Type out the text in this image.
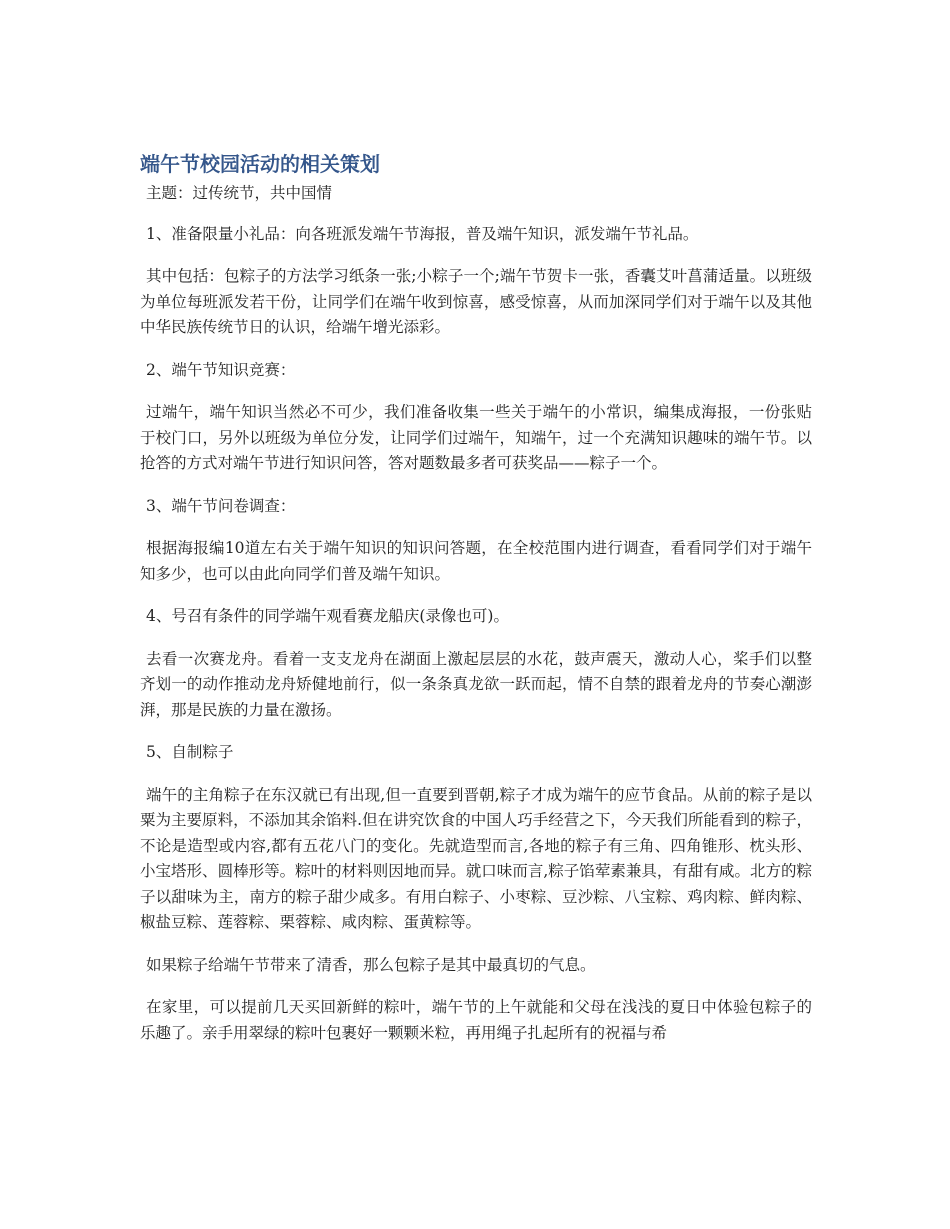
端午节校园活动的相关策划

主题：过传统节，共中国情

1、准备限量小礼品：向各班派发端午节海报，普及端午知识，派发端午节礼品。

其中包括：包粽子的方法学习纸条一张;小粽子一个;端午节贺卡一张，香囊艾叶菖蒲适量。以班级为单位每班派发若干份，让同学们在端午收到惊喜，感受惊喜，从而加深同学们对于端午以及其他中华民族传统节日的认识，给端午增光添彩。

2、端午节知识竞赛：

过端午，端午知识当然必不可少，我们准备收集一些关于端午的小常识，编集成海报，一份张贴于校门口，另外以班级为单位分发，让同学们过端午，知端午，过一个充满知识趣味的端午节。以抢答的方式对端午节进行知识问答，答对题数最多者可获奖品——粽子一个。

3、端午节问卷调查：

根据海报编10道左右关于端午知识的知识问答题，在全校范围内进行调查，看看同学们对于端午知多少，也可以由此向同学们普及端午知识。

4、号召有条件的同学端午观看赛龙船庆(录像也可)。

去看一次赛龙舟。看着一支支龙舟在湖面上激起层层的水花，鼓声震天，激动人心，桨手们以整齐划一的动作推动龙舟矫健地前行，似一条条真龙欲一跃而起，情不自禁的跟着龙舟的节奏心潮澎湃，那是民族的力量在激扬。

5、自制粽子

端午的主角粽子在东汉就已有出现,但一直要到晋朝,粽子才成为端午的应节食品。从前的粽子是以粟为主要原料，不添加其余馅料.但在讲究饮食的中国人巧手经营之下，今天我们所能看到的粽子，不论是造型或内容,都有五花八门的变化。先就造型而言,各地的粽子有三角、四角锥形、枕头形、小宝塔形、圆棒形等。粽叶的材料则因地而异。就口味而言,粽子馅荤素兼具，有甜有咸。北方的粽子以甜味为主，南方的粽子甜少咸多。有用白粽子、小枣粽、豆沙粽、八宝粽、鸡肉粽、鲜肉粽、椒盐豆粽、莲蓉粽、栗蓉粽、咸肉粽、蛋黄粽等。

如果粽子给端午节带来了清香，那么包粽子是其中最真切的气息。

在家里，可以提前几天买回新鲜的粽叶，端午节的上午就能和父母在浅浅的夏日中体验包粽子的乐趣了。亲手用翠绿的粽叶包裹好一颗颗米粒，再用绳子扎起所有的祝福与希
